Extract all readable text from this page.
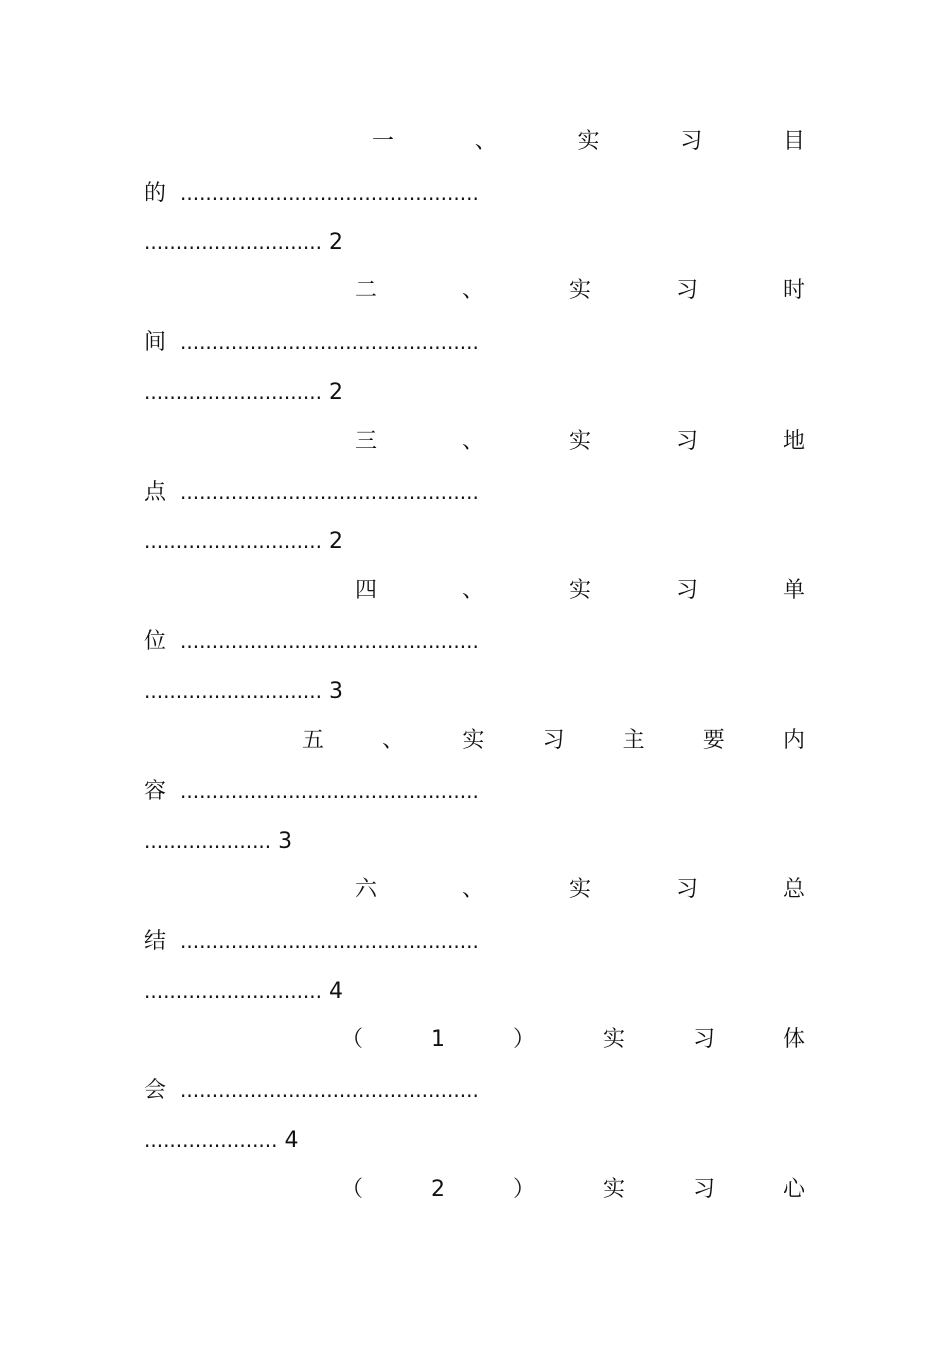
一	、	实	习	目
的 ...............................................
............................ 2
二	、	实	习	时
间 ...............................................
............................ 2
三	、	实	习	地
点 ...............................................
............................ 2
四	、	实	习	单
位 ...............................................
............................ 3
五	、	实	习	主	要	内
容 ...............................................
.................... 3
六	、	实	习	总
结 ...............................................
............................ 4
（	1	）	实	习	体
会 ...............................................
..................... 4
（	2	）	实	习	心
